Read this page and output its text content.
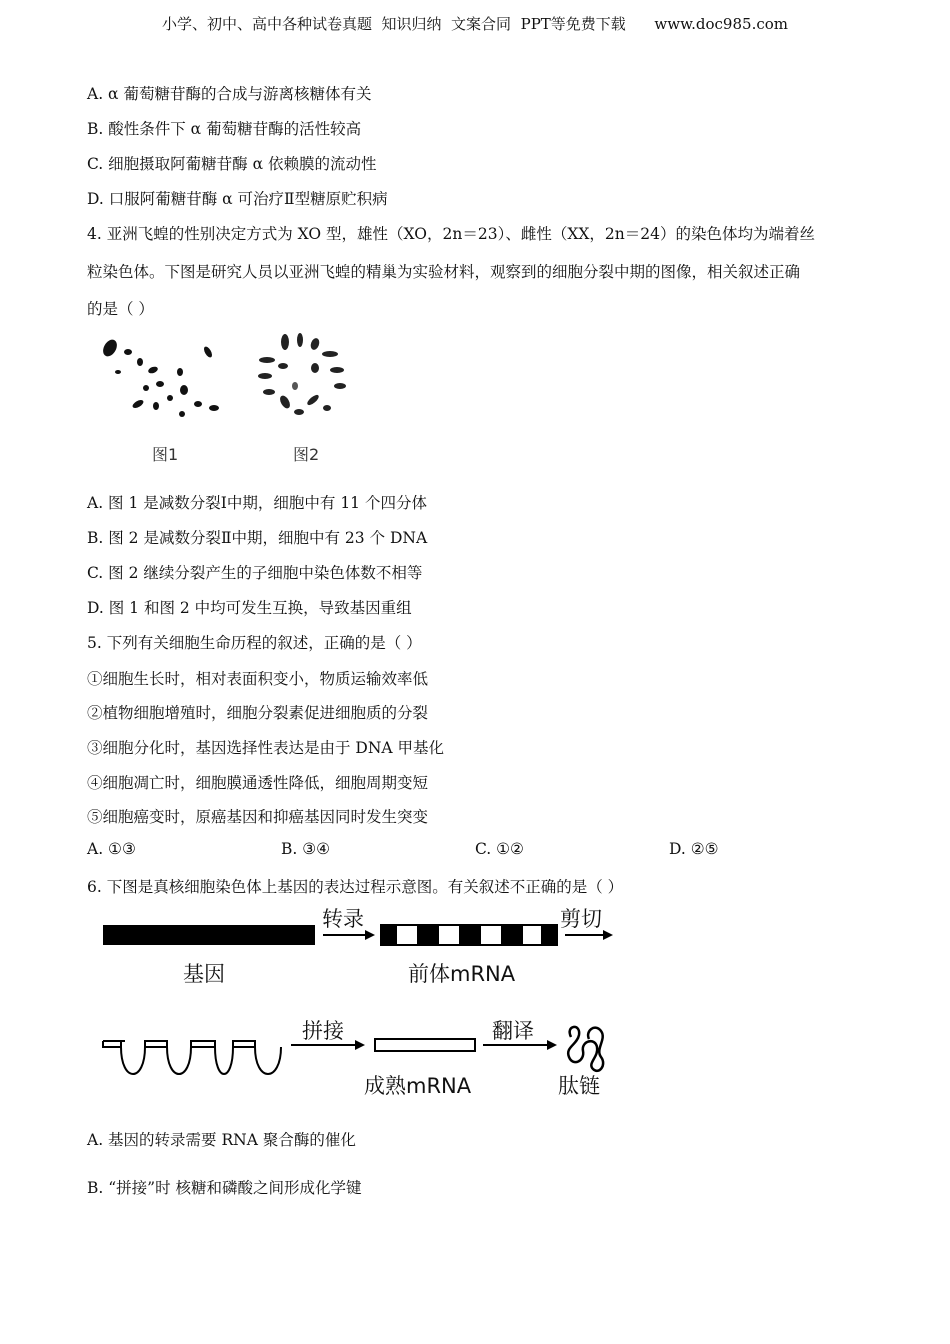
小学、初中、高中各种试卷真题  知识归纳  文案合同  PPT等免费下载      www.doc985.com
A. α 葡萄糖苷酶的合成与游离核糖体有关
B. 酸性条件下 α 葡萄糖苷酶的活性较高
C. 细胞摄取阿葡糖苷酶 α 依赖膜的流动性
D. 口服阿葡糖苷酶 α 可治疗Ⅱ型糖原贮积病
4. 亚洲飞蝗的性别决定方式为 XO 型，雄性（XO，2n＝23）、雌性（XX，2n＝24）的染色体均为端着丝
粒染色体。下图是研究人员以亚洲飞蝗的精巢为实验材料，观察到的细胞分裂中期的图像，相关叙述正确
的是（ ）
图1	图2
A. 图 1 是减数分裂Ⅰ中期，细胞中有 11 个四分体
B. 图 2 是减数分裂Ⅱ中期，细胞中有 23 个 DNA
C. 图 2 继续分裂产生的子细胞中染色体数不相等
D. 图 1 和图 2 中均可发生互换，导致基因重组
5. 下列有关细胞生命历程的叙述，正确的是（ ）
①细胞生长时，相对表面积变小，物质运输效率低
②植物细胞增殖时，细胞分裂素促进细胞质的分裂
③细胞分化时，基因选择性表达是由于 DNA 甲基化
④细胞凋亡时，细胞膜通透性降低，细胞周期变短
⑤细胞癌变时，原癌基因和抑癌基因同时发生突变
A. ①③	B. ③④	C. ①②	D. ②⑤
6. 下图是真核细胞染色体上基因的表达过程示意图。有关叙述不正确的是（ ）
转录	剪切
基因	前体mRNA
拼接	翻译
成熟mRNA	肽链
A. 基因的转录需要 RNA 聚合酶的催化
B. “拼接”时 核糖和磷酸之间形成化学键
